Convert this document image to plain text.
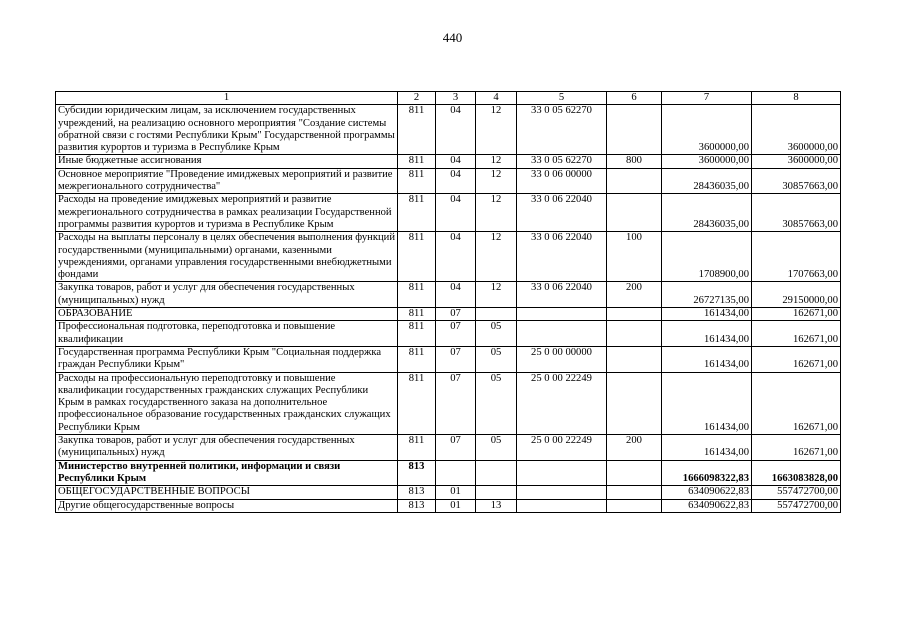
440
1	2	3	4	5	6	7	8
Субсидии юридическим лицам, за исключением государственных учреждений, на реализацию основного мероприятия "Создание системы обратной связи с гостями Республики Крым" Государственной программы развития курортов и туризма в Республике Крым	811	04	12	33 0 05 62270		3600000,00	3600000,00
Иные бюджетные ассигнования	811	04	12	33 0 05 62270	800	3600000,00	3600000,00
Основное мероприятие "Проведение имиджевых мероприятий и развитие межрегионального сотрудничества"	811	04	12	33 0 06 00000		28436035,00	30857663,00
Расходы на проведение имиджевых мероприятий и развитие межрегионального сотрудничества в рамках реализации Государственной программы развития курортов и туризма в Республике Крым	811	04	12	33 0 06 22040		28436035,00	30857663,00
Расходы на выплаты персоналу в целях обеспечения выполнения функций государственными (муниципальными) органами, казенными учреждениями, органами управления государственными внебюджетными фондами	811	04	12	33 0 06 22040	100	1708900,00	1707663,00
Закупка товаров, работ и услуг для обеспечения государственных (муниципальных) нужд	811	04	12	33 0 06 22040	200	26727135,00	29150000,00
ОБРАЗОВАНИЕ	811	07				161434,00	162671,00
Профессиональная подготовка, переподготовка и повышение квалификации	811	07	05			161434,00	162671,00
Государственная программа Республики Крым "Социальная поддержка граждан Республики Крым"	811	07	05	25 0 00 00000		161434,00	162671,00
Расходы на профессиональную переподготовку и повышение квалификации государственных гражданских служащих Республики Крым в рамках государственного заказа на дополнительное профессиональное образование государственных гражданских служащих Республики Крым	811	07	05	25 0 00 22249		161434,00	162671,00
Закупка товаров, работ и услуг для обеспечения государственных (муниципальных) нужд	811	07	05	25 0 00 22249	200	161434,00	162671,00
Министерство внутренней политики, информации и связи Республики Крым	813					1666098322,83	1663083828,00
ОБЩЕГОСУДАРСТВЕННЫЕ ВОПРОСЫ	813	01				634090622,83	557472700,00
Другие общегосударственные вопросы	813	01	13			634090622,83	557472700,00
